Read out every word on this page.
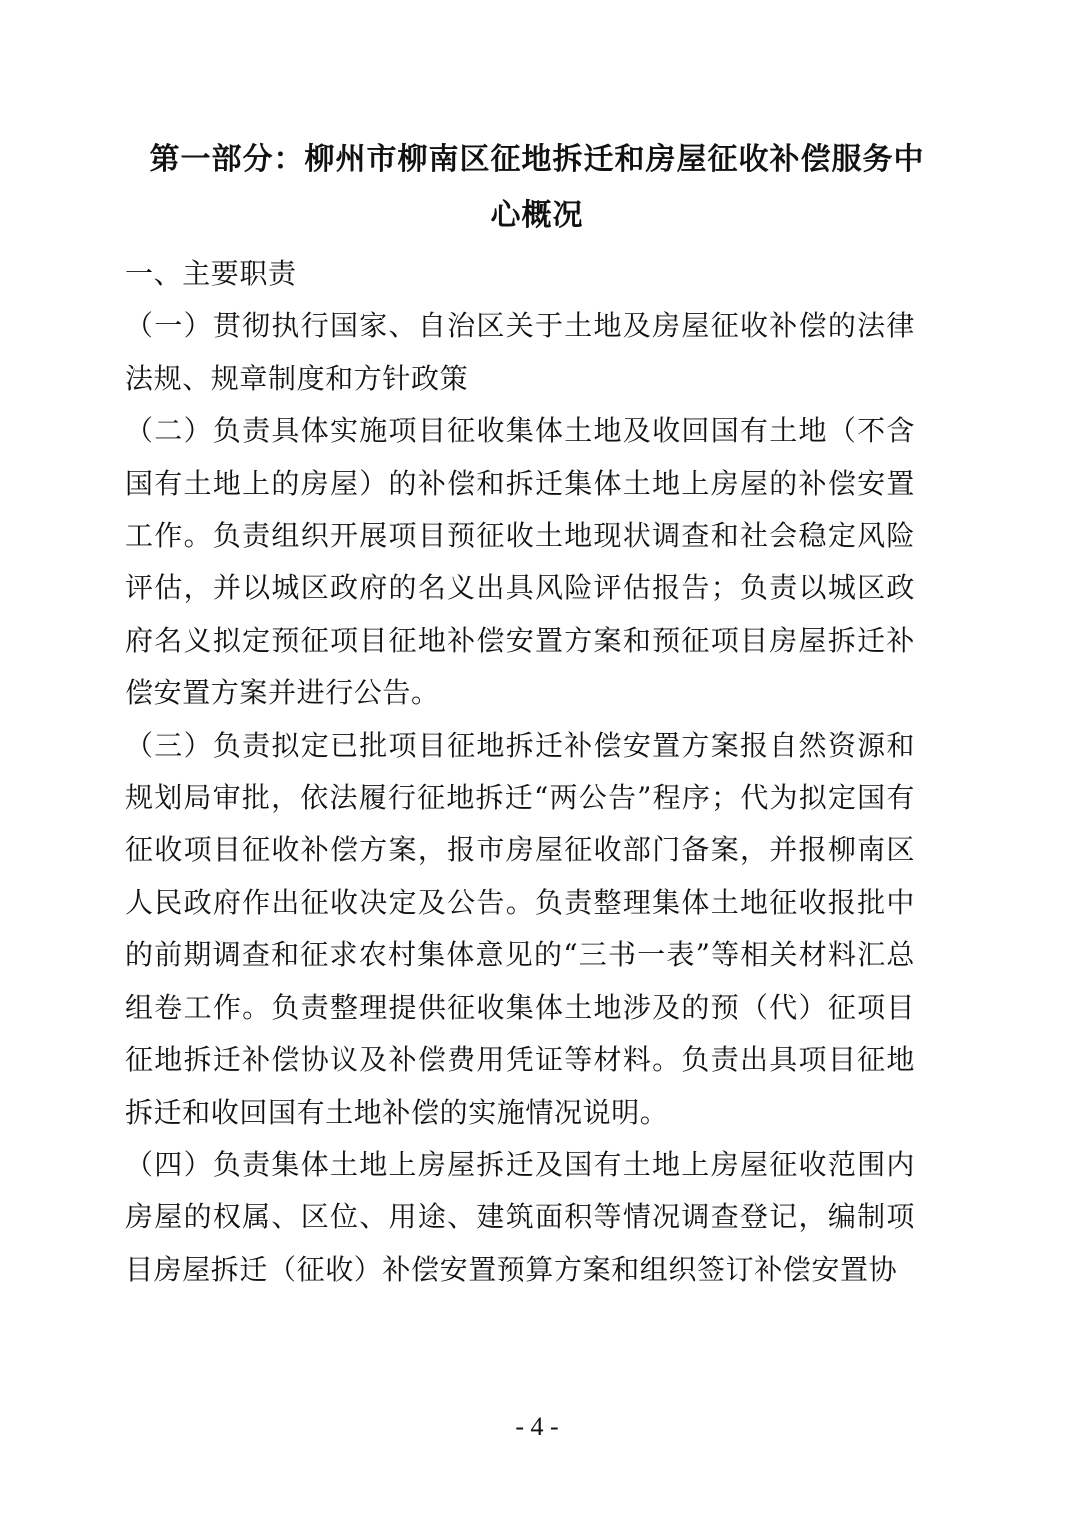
第一部分：柳州市柳南区征地拆迁和房屋征收补偿服务中
心概况

一、主要职责

（一）贯彻执行国家、自治区关于土地及房屋征收补偿的法律法规、规章制度和方针政策

（二）负责具体实施项目征收集体土地及收回国有土地（不含国有土地上的房屋）的补偿和拆迁集体土地上房屋的补偿安置工作。负责组织开展项目预征收土地现状调查和社会稳定风险评估，并以城区政府的名义出具风险评估报告；负责以城区政府名义拟定预征项目征地补偿安置方案和预征项目房屋拆迁补偿安置方案并进行公告。

（三）负责拟定已批项目征地拆迁补偿安置方案报自然资源和规划局审批，依法履行征地拆迁“两公告”程序；代为拟定国有征收项目征收补偿方案，报市房屋征收部门备案，并报柳南区人民政府作出征收决定及公告。负责整理集体土地征收报批中的前期调查和征求农村集体意见的“三书一表”等相关材料汇总组卷工作。负责整理提供征收集体土地涉及的预（代）征项目征地拆迁补偿协议及补偿费用凭证等材料。负责出具项目征地拆迁和收回国有土地补偿的实施情况说明。

（四）负责集体土地上房屋拆迁及国有土地上房屋征收范围内房屋的权属、区位、用途、建筑面积等情况调查登记，编制项目房屋拆迁（征收）补偿安置预算方案和组织签订补偿安置协

- 4 -
